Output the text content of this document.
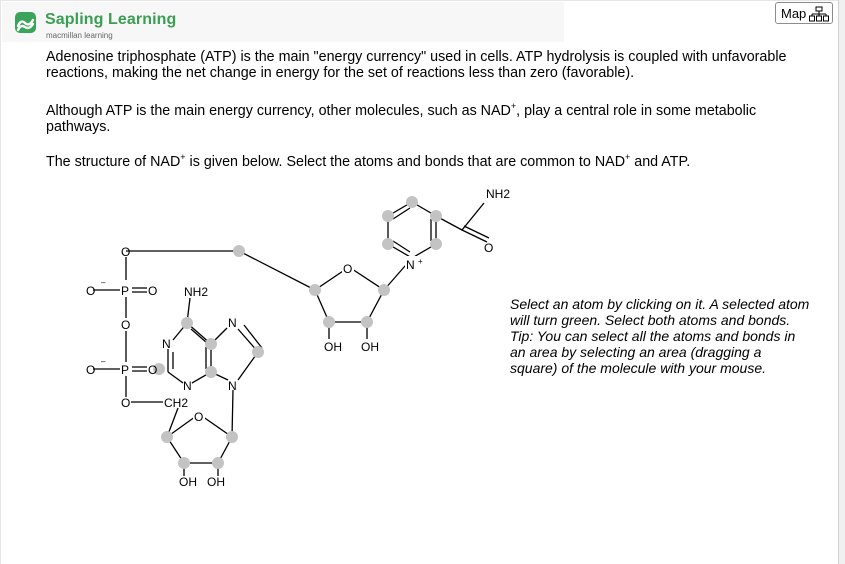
Sapling Learning
macmillan learning
Map

Adenosine triphosphate (ATP) is the main "energy currency" used in cells. ATP hydrolysis is coupled with unfavorable reactions, making the net change in energy for the set of reactions less than zero (favorable).

Although ATP is the main energy currency, other molecules, such as NAD+, play a central role in some metabolic pathways.

The structure of NAD+ is given below. Select the atoms and bonds that are common to NAD+ and ATP.

Select an atom by clicking on it. A selected atom will turn green. Select both atoms and bonds. Tip: You can select all the atoms and bonds in an area by selecting an area (dragging a square) of the molecule with your mouse.
NH2
O
N +
O
OH OH
O
O
–
P O
O
O
–
P O
O	CH2
NH2
N
N
N
N
O
OH OH
